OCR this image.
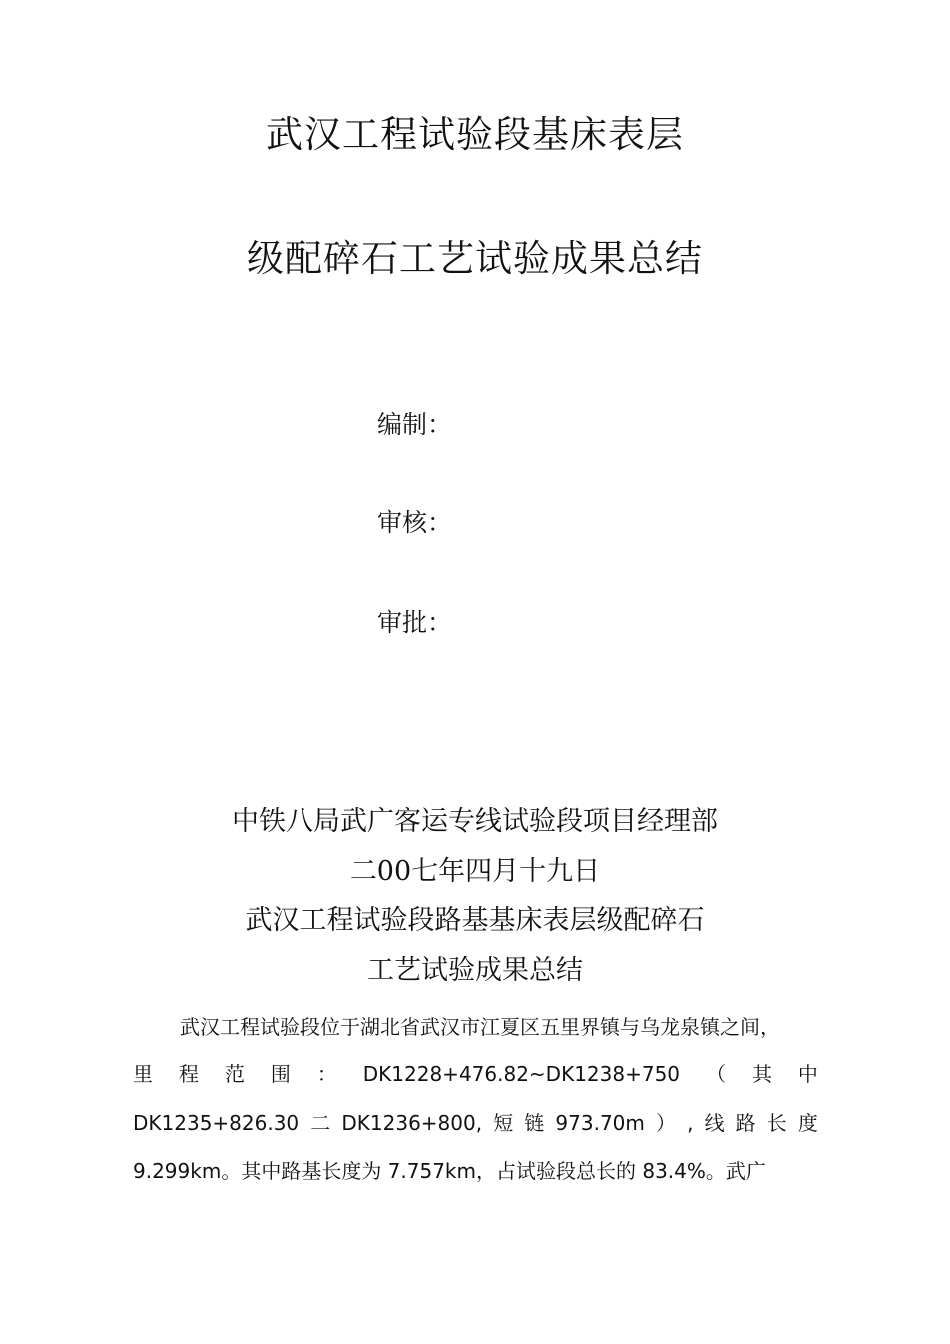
武汉工程试验段基床表层
级配碎石工艺试验成果总结
编制：
审核：
审批：
中铁八局武广客运专线试验段项目经理部
二00七年四月十九日
武汉工程试验段路基基床表层级配碎石
工艺试验成果总结
武汉工程试验段位于湖北省武汉市江夏区五里界镇与乌龙泉镇之间，
里 程 范 围 ： DK1228+476.82~DK1238+750 （ 其 中
DK1235+826.30 二 DK1236+800, 短 链 973.70m ） , 线 路 长 度
9.299km。其中路基长度为 7.757km，占试验段总长的 83.4%。武广
